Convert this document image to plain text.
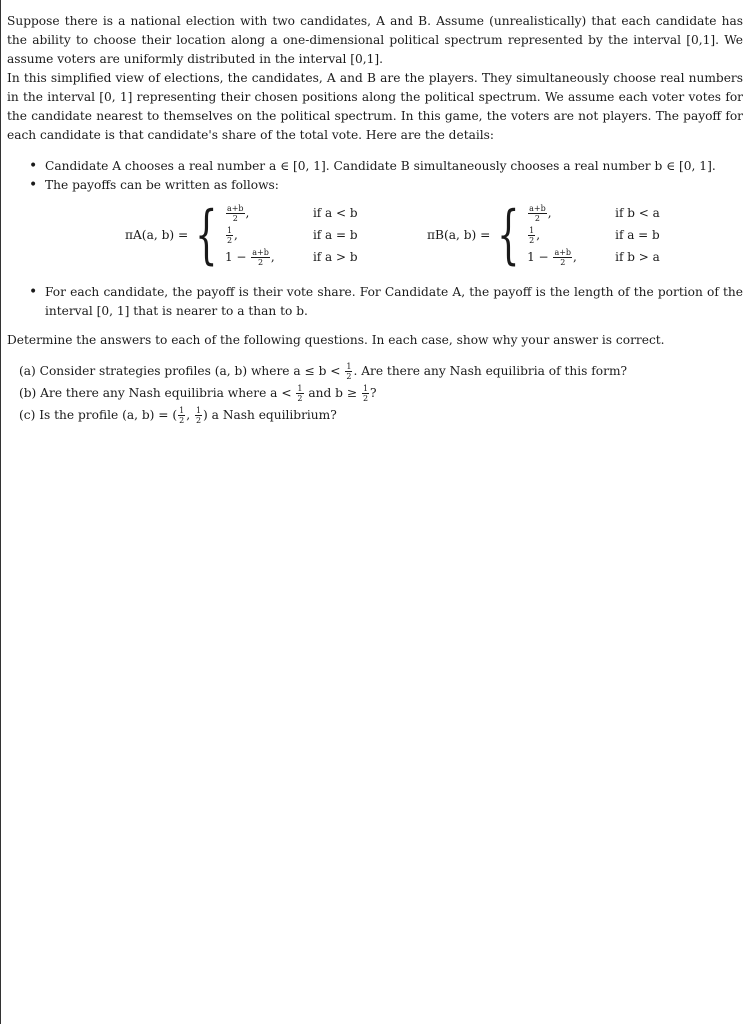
Suppose there is a national election with two candidates, A and B. Assume (unrealistically) that each candidate has the ability to choose their location along a one-dimensional political spectrum represented by the interval [0,1]. We assume voters are uniformly distributed in the interval [0,1].

In this simplified view of elections, the candidates, A and B are the players. They simultaneously choose real numbers in the interval [0, 1] representing their chosen positions along the political spectrum. We assume each voter votes for the candidate nearest to themselves on the political spectrum. In this game, the voters are not players. The payoff for each candidate is that candidate's share of the total vote. Here are the details:

• Candidate A chooses a real number a ∈ [0, 1]. Candidate B simultaneously chooses a real number b ∈ [0, 1].
• The payoffs can be written as follows:
πA(a, b) = { $\frac{a+b}{2}$ ,	if a < b
$\frac{1}{2}$ ,	if a = b
$1 - \frac{a+b}{2}$ ,	if a > b
πB(a, b) = { $\frac{a+b}{2}$ ,	if b < a
$\frac{1}{2}$ ,	if a = b
$1 - \frac{a+b}{2}$ ,	if b > a
• For each candidate, the payoff is their vote share. For Candidate A, the payoff is the length of the portion of the interval [0, 1] that is nearer to a than to b.

Determine the answers to each of the following questions. In each case, show why your answer is correct.

(a) Consider strategies profiles (a, b) where $a \le b < \frac{1}{2}$ . Are there any Nash equilibria of this form?
(b) Are there any Nash equilibria where $a < \frac{1}{2}$ and $b \ge \frac{1}{2}$ ?
(c) Is the profile (a, b) = ( $\frac{1}{2}$ , $\frac{1}{2}$ ) a Nash equilibrium?
